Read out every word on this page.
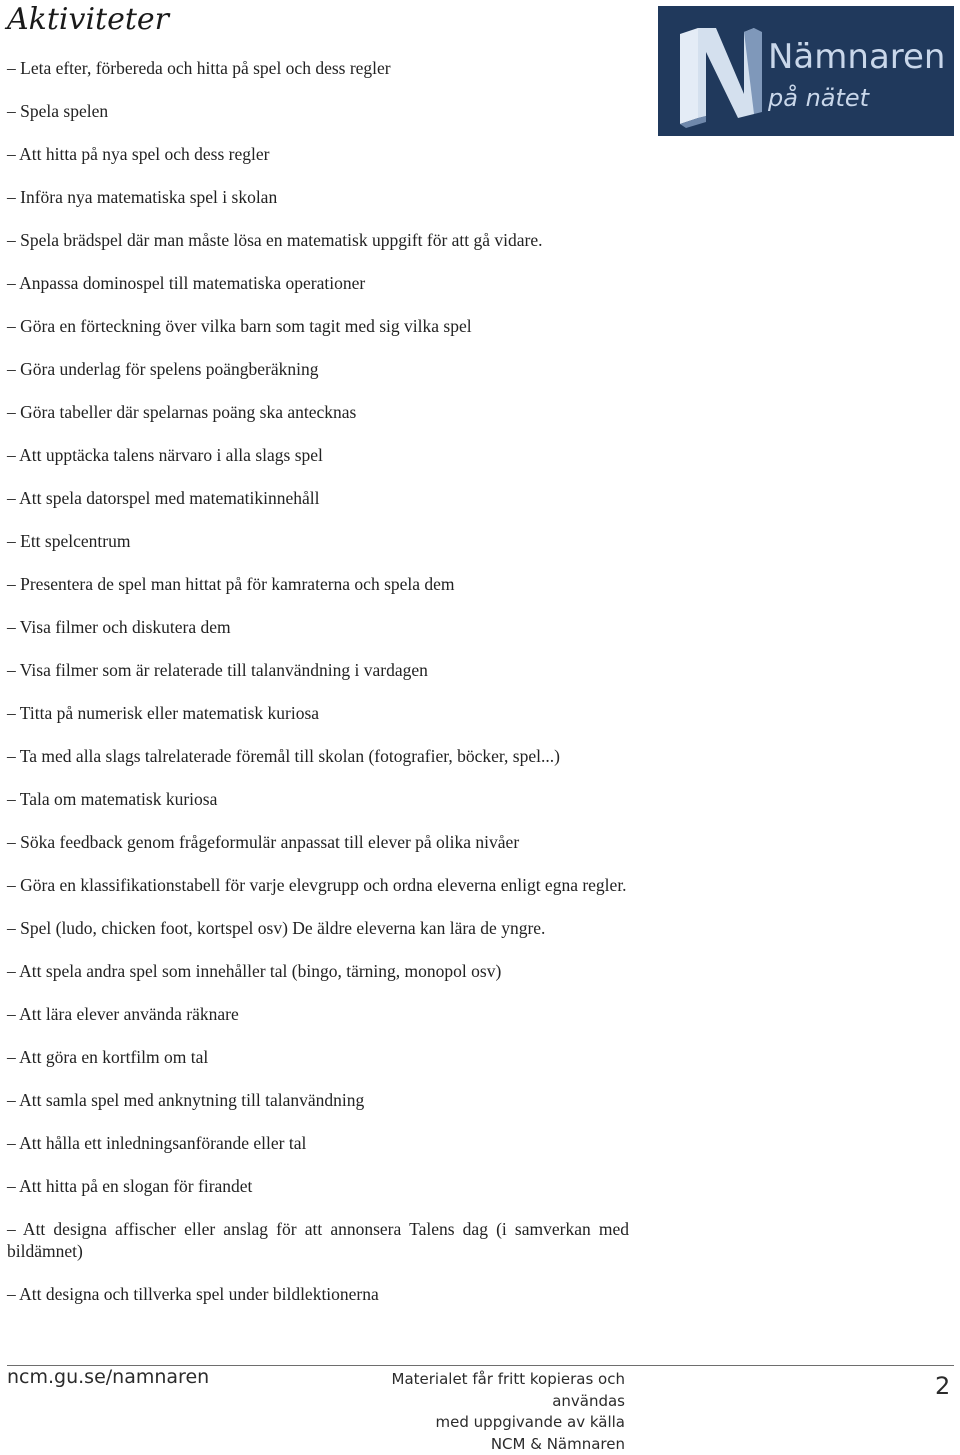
Aktiviteter
Nämnaren
på nätet
– Leta efter, förbereda och hitta på spel och dess regler
– Spela spelen
– Att hitta på nya spel och dess regler
– Införa nya matematiska spel i skolan
– Spela brädspel där man måste lösa en matematisk uppgift för att gå vidare.
– Anpassa dominospel till matematiska operationer
– Göra en förteckning över vilka barn som tagit med sig vilka spel
– Göra underlag för spelens poängberäkning
– Göra tabeller där spelarnas poäng ska antecknas
– Att upptäcka talens närvaro i alla slags spel
– Att spela datorspel med matematikinnehåll
– Ett spelcentrum
– Presentera de spel man hittat på för kamraterna och spela dem
– Visa filmer och diskutera dem
– Visa filmer som är relaterade till talanvändning i vardagen
– Titta på numerisk eller matematisk kuriosa
– Ta med alla slags talrelaterade föremål till skolan (fotografier, böcker, spel...)
– Tala om matematisk kuriosa
– Söka feedback genom frågeformulär anpassat till elever på olika nivåer
– Göra en klassifikationstabell för varje elevgrupp och ordna eleverna enligt egna regler.
– Spel (ludo, chicken foot, kortspel osv) De äldre eleverna kan lära de yngre.
– Att spela andra spel som innehåller tal (bingo, tärning, monopol osv)
– Att lära elever använda räknare
– Att göra en kortfilm om tal
– Att samla spel med anknytning till talanvändning
– Att hålla ett inledningsanförande eller tal
– Att hitta på en slogan för firandet
– Att designa affischer eller anslag för att annonsera Talens dag (i samverkan med bildämnet)
– Att designa och tillverka spel under bildlektionerna
ncm.gu.se/namnaren	Materialet får fritt kopieras och användas
med uppgivande av källa
NCM & Nämnaren
2
